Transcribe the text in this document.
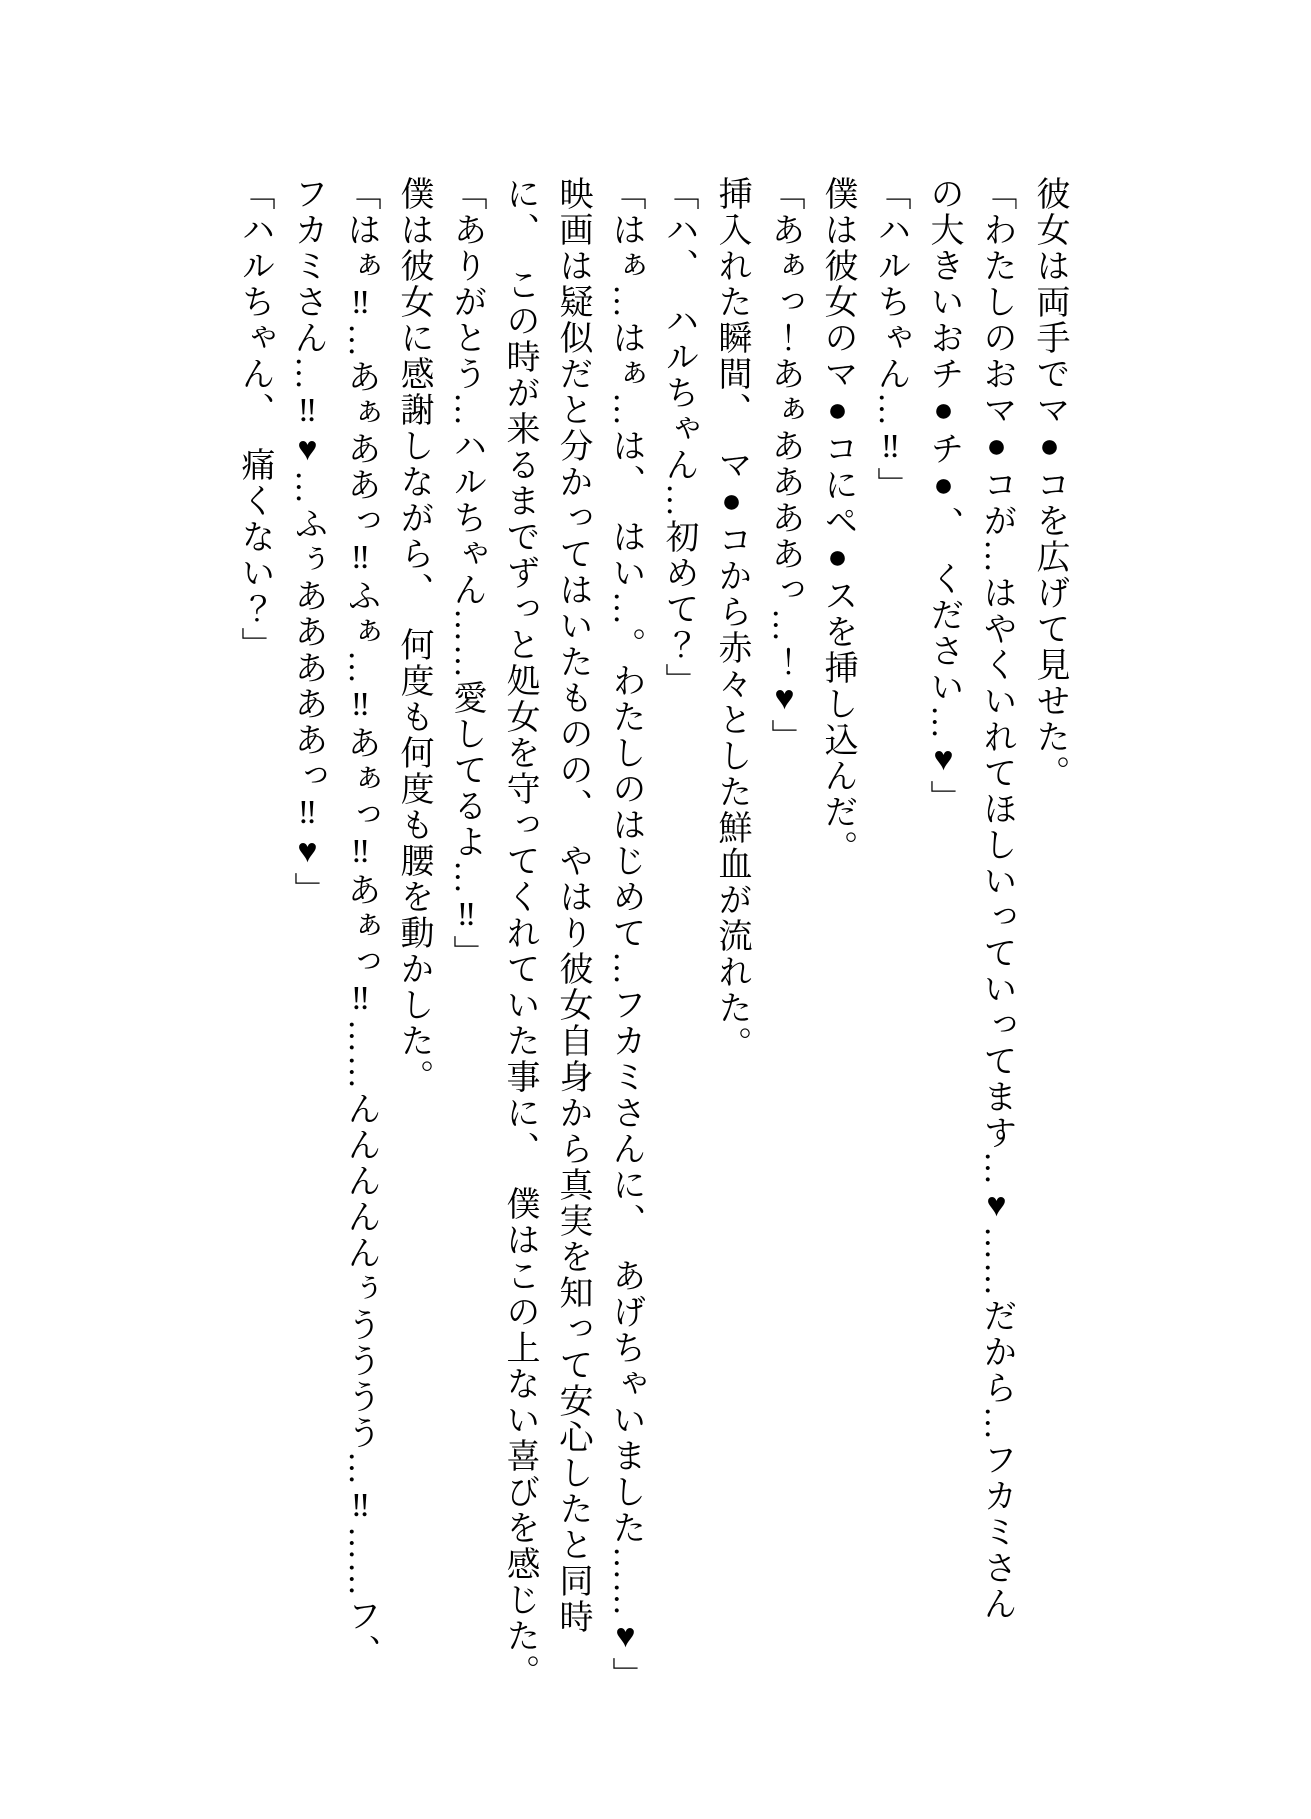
彼女は両手でマ●コを広げて見せた。

「わたしのおマ●コが…はやくいれてほしいっていってます…♥……だから…フカミさん

の大きいおチ●チ●、　ください…♥」

「ハルちゃん…‼」

僕は彼女のマ●コにペ●スを挿し込んだ。

「あぁっ！あぁああああっ…！♥」

挿入れた瞬間、　マ●コから赤々とした鮮血が流れた。

「ハ、　ハルちゃん…初めて？」

「はぁ…はぁ…は、　はい…。わたしのはじめて…フカミさんに、　あげちゃいました……♥」

映画は疑似だと分かってはいたものの、　やはり彼女自身から真実を知って安心したと同時

に、　この時が来るまでずっと処女を守ってくれていた事に、　僕はこの上ない喜びを感じた。

「ありがとう…ハルちゃん……愛してるよ…‼」

僕は彼女に感謝しながら、　何度も何度も腰を動かした。

「はぁ‼…あぁああっ‼ふぁ…‼あぁっ‼あぁっ‼……んんんんんぅうううう…‼……フ、

フカミさん…‼♥…ふぅあああああっ‼♥」

「ハルちゃん、　痛くない？」
